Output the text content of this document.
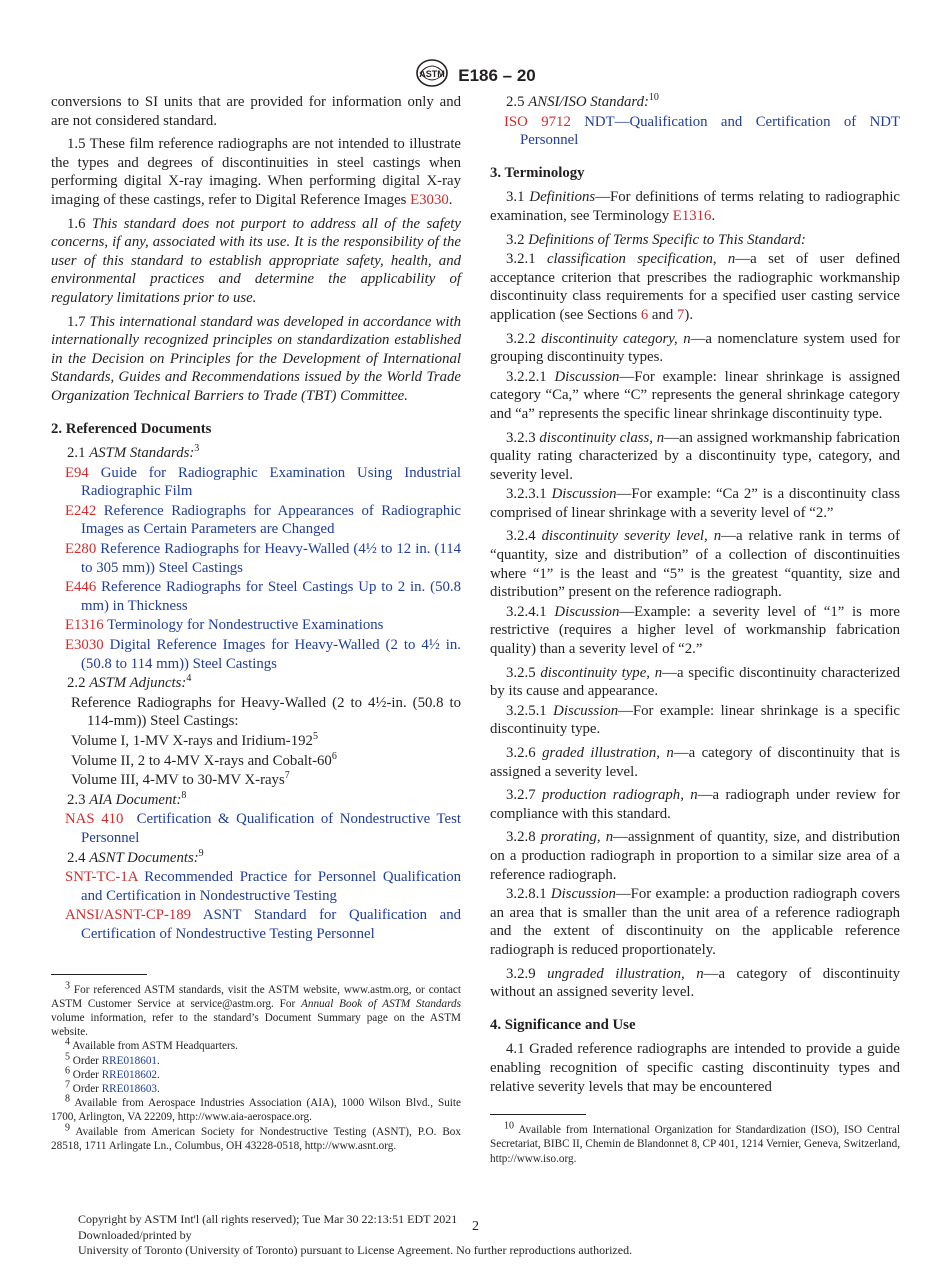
ASTM E186 – 20

conversions to SI units that are provided for information only and are not considered standard.

1.5 These film reference radiographs are not intended to illustrate the types and degrees of discontinuities in steel castings when performing digital X-ray imaging. When performing digital X-ray imaging of these castings, refer to Digital Reference Images E3030.

1.6 This standard does not purport to address all of the safety concerns, if any, associated with its use. It is the responsibility of the user of this standard to establish appropriate safety, health, and environmental practices and determine the applicability of regulatory limitations prior to use.

1.7 This international standard was developed in accordance with internationally recognized principles on standardization established in the Decision on Principles for the Development of International Standards, Guides and Recommendations issued by the World Trade Organization Technical Barriers to Trade (TBT) Committee.

2. Referenced Documents

2.1 ASTM Standards:$^3$

E94 Guide for Radiographic Examination Using Industrial Radiographic Film

E242 Reference Radiographs for Appearances of Radiographic Images as Certain Parameters are Changed

E280 Reference Radiographs for Heavy-Walled (4½ to 12 in. (114 to 305 mm)) Steel Castings

E446 Reference Radiographs for Steel Castings Up to 2 in. (50.8 mm) in Thickness

E1316 Terminology for Nondestructive Examinations

E3030 Digital Reference Images for Heavy-Walled (2 to 4½ in. (50.8 to 114 mm)) Steel Castings

2.2 ASTM Adjuncts:$^4$

Reference Radiographs for Heavy-Walled (2 to 4½-in. (50.8 to 114-mm)) Steel Castings:

Volume I, 1-MV X-rays and Iridium-$192^5$

Volume II, 2 to 4-MV X-rays and Cobalt-$60^6$

Volume III, 4-MV to 30-MV X-rays$^7$

2.3 AIA Document:$^8$

NAS 410 Certification & Qualification of Nondestructive Test Personnel

2.4 ASNT Documents:$^9$

SNT-TC-1A Recommended Practice for Personnel Qualification and Certification in Nondestructive Testing

ANSI/ASNT-CP-189 ASNT Standard for Qualification and Certification of Nondestructive Testing Personnel

$^3$ For referenced ASTM standards, visit the ASTM website, www.astm.org, or contact ASTM Customer Service at service@astm.org. For Annual Book of ASTM Standards volume information, refer to the standard’s Document Summary page on the ASTM website.

$^4$ Available from ASTM Headquarters.

$^5$ Order RRE018601.

$^6$ Order RRE018602.

$^7$ Order RRE018603.

$^8$ Available from Aerospace Industries Association (AIA), 1000 Wilson Blvd., Suite 1700, Arlington, VA 22209, http://www.aia-aerospace.org.

$^9$ Available from American Society for Nondestructive Testing (ASNT), P.O. Box 28518, 1711 Arlingate Ln., Columbus, OH 43228-0518, http://www.asnt.org.

2.5 ANSI/ISO Standard:$^{10}$

ISO 9712 NDT—Qualification and Certification of NDT Personnel

3. Terminology

3.1 Definitions—For definitions of terms relating to radiographic examination, see Terminology E1316.

3.2 Definitions of Terms Specific to This Standard:

3.2.1 classification specification, n—a set of user defined acceptance criterion that prescribes the radiographic workmanship discontinuity class requirements for a specified user casting service application (see Sections 6 and 7).

3.2.2 discontinuity category, n—a nomenclature system used for grouping discontinuity types.

3.2.2.1 Discussion—For example: linear shrinkage is assigned category “Ca,” where “C” represents the general shrinkage category and “a” represents the specific linear shrinkage discontinuity type.

3.2.3 discontinuity class, n—an assigned workmanship fabrication quality rating characterized by a discontinuity type, category, and severity level.

3.2.3.1 Discussion—For example: “Ca 2” is a discontinuity class comprised of linear shrinkage with a severity level of “2.”

3.2.4 discontinuity severity level, n—a relative rank in terms of “quantity, size and distribution” of a collection of discontinuities where “1” is the least and “5” is the greatest “quantity, size and distribution” present on the reference radiograph.

3.2.4.1 Discussion—Example: a severity level of “1” is more restrictive (requires a higher level of workmanship fabrication quality) than a severity level of “2.”

3.2.5 discontinuity type, n—a specific discontinuity characterized by its cause and appearance.

3.2.5.1 Discussion—For example: linear shrinkage is a specific discontinuity type.

3.2.6 graded illustration, n—a category of discontinuity that is assigned a severity level.

3.2.7 production radiograph, n—a radiograph under review for compliance with this standard.

3.2.8 prorating, n—assignment of quantity, size, and distribution on a production radiograph in proportion to a similar size area of a reference radiograph.

3.2.8.1 Discussion—For example: a production radiograph covers an area that is smaller than the unit area of a reference radiograph and the extent of discontinuity on the applicable reference radiograph is reduced proportionately.

3.2.9 ungraded illustration, n—a category of discontinuity without an assigned severity level.

4. Significance and Use

4.1 Graded reference radiographs are intended to provide a guide enabling recognition of specific casting discontinuity types and relative severity levels that may be encountered

$^{10}$ Available from International Organization for Standardization (ISO), ISO Central Secretariat, BIBC II, Chemin de Blandonnet 8, CP 401, 1214 Vernier, Geneva, Switzerland, http://www.iso.org.

Copyright by ASTM Int'l (all rights reserved); Tue Mar 30 22:13:51 EDT 2021
Downloaded/printed by
University of Toronto (University of Toronto) pursuant to License Agreement. No further reproductions authorized.
2
